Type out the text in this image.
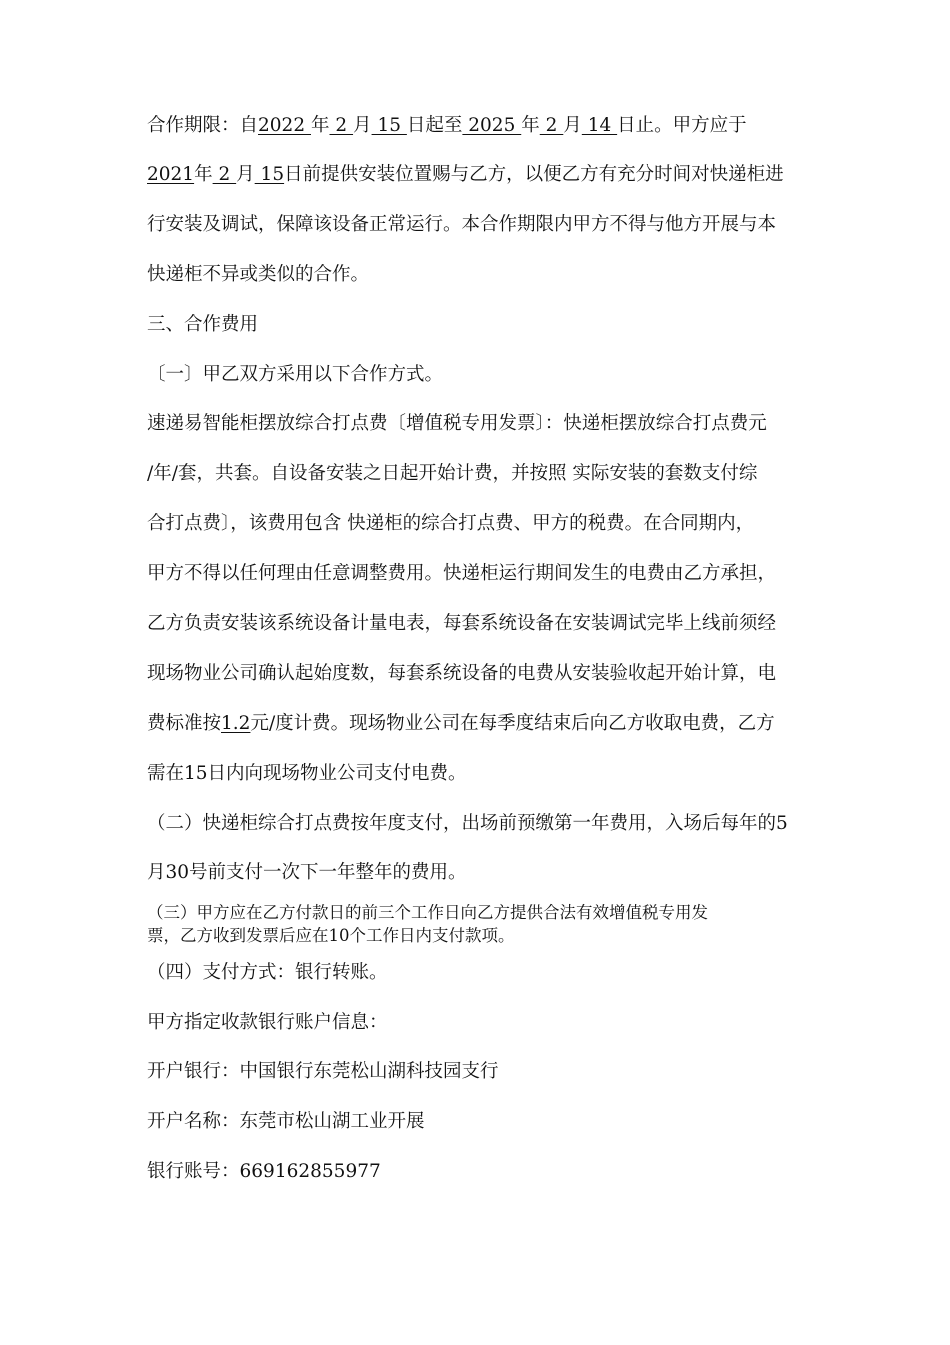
合作期限：自2022 年 2 月 15 日起至 2025 年 2 月 14 日止。甲方应于
2021年 2 月 15日前提供安装位置赐与乙方，以便乙方有充分时间对快递柜进
行安装及调试，保障该设备正常运行。本合作期限内甲方不得与他方开展与本
快递柜不异或类似的合作。
三、合作费用
〔一〕甲乙双方采用以下合作方式。
速递易智能柜摆放综合打点费〔增值税专用发票〕：快递柜摆放综合打点费元
/年/套，共套。自设备安装之日起开始计费，并按照 实际安装的套数支付综
合打点费〕，该费用包含 快递柜的综合打点费、甲方的税费。在合同期内，
甲方不得以任何理由任意调整费用。快递柜运行期间发生的电费由乙方承担，
乙方负责安装该系统设备计量电表，每套系统设备在安装调试完毕上线前须经
现场物业公司确认起始度数，每套系统设备的电费从安装验收起开始计算，电
费标准按1.2元/度计费。现场物业公司在每季度结束后向乙方收取电费，乙方
需在15日内向现场物业公司支付电费。
（二）快递柜综合打点费按年度支付，出场前预缴第一年费用，入场后每年的5
月30号前支付一次下一年整年的费用。
（三）甲方应在乙方付款日的前三个工作日向乙方提供合法有效增值税专用发
票，乙方收到发票后应在10个工作日内支付款项。
（四）支付方式：银行转账。
甲方指定收款银行账户信息：
开户银行：中国银行东莞松山湖科技园支行
开户名称：东莞市松山湖工业开展
银行账号：669162855977
